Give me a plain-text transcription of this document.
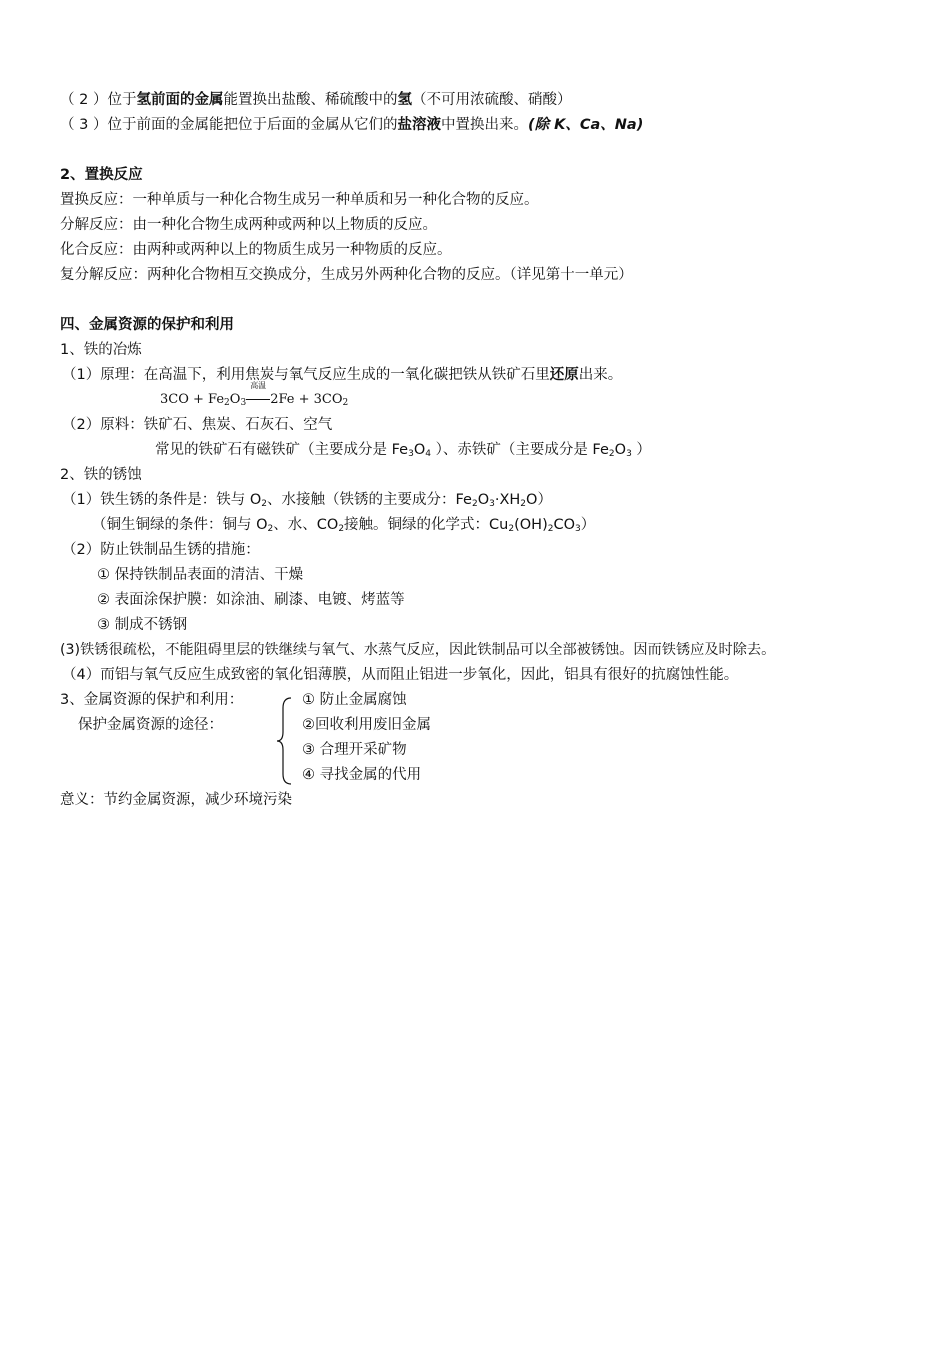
（ 2 ）位于氢前面的金属能置换出盐酸、稀硫酸中的氢（不可用浓硫酸、硝酸）
（ 3 ）位于前面的金属能把位于后面的金属从它们的盐溶液中置换出来。(除 K、Ca、Na)
2、置换反应
置换反应：一种单质与一种化合物生成另一种单质和另一种化合物的反应。
分解反应：由一种化合物生成两种或两种以上物质的反应。
化合反应：由两种或两种以上的物质生成另一种物质的反应。
复分解反应：两种化合物相互交换成分，生成另外两种化合物的反应。（详见第十一单元）
四、金属资源的保护和利用
1、铁的冶炼
（1）原理：在高温下，利用焦炭与氧气反应生成的一氧化碳把铁从铁矿石里还原出来。
$3CO + Fe_2O_3$
高温
$2Fe + 3CO_2$
（2）原料：铁矿石、焦炭、石灰石、空气
常见的铁矿石有磁铁矿（主要成分是 $Fe_3O_4$ ）、赤铁矿（主要成分是 $Fe_2O_3$ ）
2、铁的锈蚀
（1）铁生锈的条件是：铁与 $O_2$、水接触（铁锈的主要成分：$Fe_2O_3\cdot XH_2O$）
（铜生铜绿的条件：铜与 $O_2$、水、$CO_2$接触。铜绿的化学式：$Cu_2(OH)_2CO_3$）
（2）防止铁制品生锈的措施：
① 保持铁制品表面的清洁、干燥
② 表面涂保护膜：如涂油、刷漆、电镀、烤蓝等
③ 制成不锈钢
(3)铁锈很疏松，不能阻碍里层的铁继续与氧气、水蒸气反应，因此铁制品可以全部被锈蚀。因而铁锈应及时除去。
（4）而铝与氧气反应生成致密的氧化铝薄膜，从而阻止铝进一步氧化，因此，铝具有很好的抗腐蚀性能。
3、金属资源的保护和利用：
保护金属资源的途径：
① 防止金属腐蚀
②回收利用废旧金属
③ 合理开采矿物
④ 寻找金属的代用
意义：节约金属资源，减少环境污染
